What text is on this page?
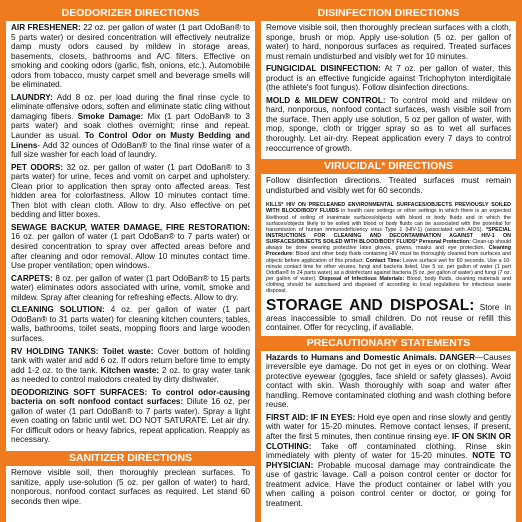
DEODORIZER DIRECTIONS

AIR FRESHENER: 22 oz. per gallon of water (1 part OdoBan® to 5 parts water) or desired concentration will effectively neutralize damp musty odors caused by mildew in storage areas, basements, closets, bathrooms and A/C filters. Effective on smoking and cooking odors (garlic, fish, onions, etc.). Automobile odors from tobacco, musty carpet smell and beverage smells will be eliminated.

LAUNDRY: Add 8 oz. per load during the final rinse cycle to eliminate offensive odors, soften and eliminate static cling without damaging fibers. Smoke Damage: Mix (1 part OdoBan® to 3 parts water) and soak clothes overnight; rinse and repeat. Launder as usual. To Control Odor on Musty Bedding and Linens- Add 32 ounces of OdoBan® to the final rinse water of a full size washer for each load of laundry.

PET ODORS: 32 oz. per gallon of water (1 part OdoBan® to 3 parts water) for urine, feces and vomit on carpet and upholstery. Clean prior to application then spray onto affected areas. Test hidden area for colorfastness. Allow 10 minutes contact time. Then blot with clean cloth. Allow to dry. Also effective on pet bedding and litter boxes.

SEWAGE BACKUP, WATER DAMAGE, FIRE RESTORATION: 16 oz. per gallon of water (1 part OdoBan® to 7 parts water) or desired concentration to spray over affected areas before and after cleaning and odor removal. Allow 10 minutes contact time. Use proper ventilation; open windows.

CARPETS: 8 oz. per gallon of water (1 part OdoBan® to 15 parts water) eliminates odors associated with urine, vomit, smoke and mildew. Spray after cleaning for refreshing effects. Allow to dry.

CLEANING SOLUTION: 4 oz. per gallon of water (1 part OdoBan® to 31 parts water) for cleaning kitchen counters, tables, walls, bathrooms, toilet seats, mopping floors and large wooden surfaces.

RV HOLDING TANKS: Toilet waste: Cover bottom of holding tank with water and add 6 oz. If odors return before time to empty add 1-2 oz. to the tank. Kitchen waste: 2 oz. to gray water tank as needed to control malodors created by dirty dishwater.

DEODORIZING SOFT SURFACES: To control odor-causing bacteria on soft nonfood contact surfaces: Dilute 16 oz. per gallon of water (1 part OdoBan® to 7 parts water). Spray a light even coating on fabric until wet. DO NOT SATURATE. Let air dry. For difficult odors or heavy fabrics, repeat application. Reapply as necessary.

SANITIZER DIRECTIONS

Remove visible soil, then thoroughly preclean surfaces. To sanitize, apply use-solution (5 oz. per gallon of water) to hard, nonporous, nonfood contact surfaces as required. Let stand 60 seconds then wipe.

DISINFECTION DIRECTIONS

Remove visible soil, then thoroughly preclean surfaces with a cloth, sponge, brush or mop. Apply use-solution (5 oz. per gallon of water) to hard, nonporous surfaces as required. Treated surfaces must remain undisturbed and visibly wet for 10 minutes.

FUNGICIDAL DISINFECTION: At 7 oz. per gallon of water, this product is an effective fungicide against Trichophyton interdigitale (the athlete's foot fungus). Follow disinfection directions.

MOLD & MILDEW CONTROL: To control mold and mildew on hard, nonporous, nonfood contact surfaces, wash visible soil from the surface. Then apply use solution, 5 oz per gallon of water, with mop, sponge, cloth or trigger spray so as to wet all surfaces thoroughly. Let air-dry. Repeat application every 7 days to control reoccurrence of growth.

VIRUCIDAL* DIRECTIONS

Follow disinfection directions. Treated surfaces must remain undisturbed and visibly wet for 60 seconds.

KILLS* HIV ON PRECLEANED ENVIRONMENTAL SURFACES/OBJECTS PREVIOUSLY SOILED WITH BLOOD/BODY FLUIDS in health care settings or other settings in which there is an expected likelihood of soiling of inanimate surfaces/objects with blood or body fluids and in which the surfaces/objects likely to be soiled with blood or body fluids can be associated with the potential for transmission of human immunodeficiency virus Type 1 (HIV-1) (associated with AIDS). *SPECIAL INSTRUCTIONS FOR CLEANING AND DECONTAMINATION AGAINST HIV-1 ON SURFACES/OBJECTS SOILED WITH BLOOD/BODY FLUIDS* Personal Protection: Clean-up should always be done wearing protective latex gloves, gowns, masks and eye protection. Cleaning Procedure: Blood and other body fluids containing HIV must be thoroughly cleaned from surfaces and objects before application of this product. Contact Time: Leave surface wet for 60 seconds. Use a 10-minute contact time for other viruses, fungi and bacteria listed. Use 5 oz. per gallon of water (1 part OdoBan® to 24 parts water) as a disinfectant against bacteria (5 oz. per gallon of water) and fungi (7 oz. per gallon of water). Disposal of Infectious Materials: Blood, body fluids, cleaning materials and clothing should be autoclaved and disposed of according to local regulations for infectious waste disposal.

STORAGE AND DISPOSAL: Store in areas inaccessible to small children. Do not reuse or refill this container. Offer for recycling, if available.
PRECAUTIONARY STATEMENTS

Hazards to Humans and Domestic Animals. DANGER—Causes irreversible eye damage. Do not get in eyes or on clothing. Wear protective eyewear (goggles, face shield or safety glasses). Avoid contact with skin. Wash thoroughly with soap and water after handling. Remove contaminated clothing and wash clothing before reuse.

FIRST AID: IF IN EYES: Hold eye open and rinse slowly and gently with water for 15-20 minutes. Remove contact lenses, if present, after the first 5 minutes, then continue rinsing eye. IF ON SKIN OR CLOTHING: Take off contaminated clothing. Rinse skin immediately with plenty of water for 15-20 minutes. NOTE TO PHYSICIAN: Probable mucosal damage may contraindicate the use of gastric lavage. Call a poison control center or doctor for treatment advice. Have the product container or label with you when calling a poison control center or doctor, or going for treatment.
